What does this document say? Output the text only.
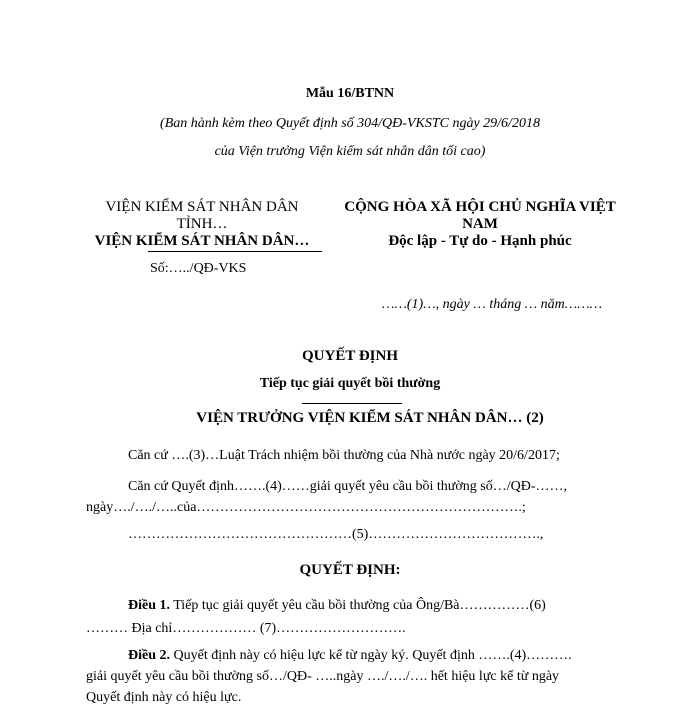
Mẫu 16/BTNN
(Ban hành kèm theo Quyết định số 304/QĐ-VKSTC ngày 29/6/2018
của Viện trưởng Viện kiểm sát nhân dân tối cao)
VIỆN KIỂM SÁT NHÂN DÂN
TỈNH…
VIỆN KIỂM SÁT NHÂN DÂN…
Số:…../QĐ-VKS
CỘNG HÒA XÃ HỘI CHỦ NGHĨA VIỆT
NAM
Độc lập - Tự do - Hạnh phúc
……(1)…, ngày … tháng … năm………
QUYẾT ĐỊNH
Tiếp tục giải quyết bồi thường
VIỆN TRƯỞNG VIỆN KIỂM SÁT NHÂN DÂN… (2)
Căn cứ ….(3)…Luật Trách nhiệm bồi thường của Nhà nước ngày 20/6/2017;
Căn cứ Quyết định…….(4)……giải quyết yêu cầu bồi thường số…/QĐ-……,
ngày…./…./…..của…………………………………………………………….;
…………………………………………(5)……………………………….,
QUYẾT ĐỊNH:
Điều 1. Tiếp tục giải quyết yêu cầu bồi thường của Ông/Bà……………(6)
……… Địa chỉ……………… (7)……………………….
Điều 2. Quyết định này có hiệu lực kể từ ngày ký. Quyết định …….(4)……….
giải quyết yêu cầu bồi thường số…/QĐ- …..ngày …./…./…. hết hiệu lực kể từ ngày
Quyết định này có hiệu lực.
